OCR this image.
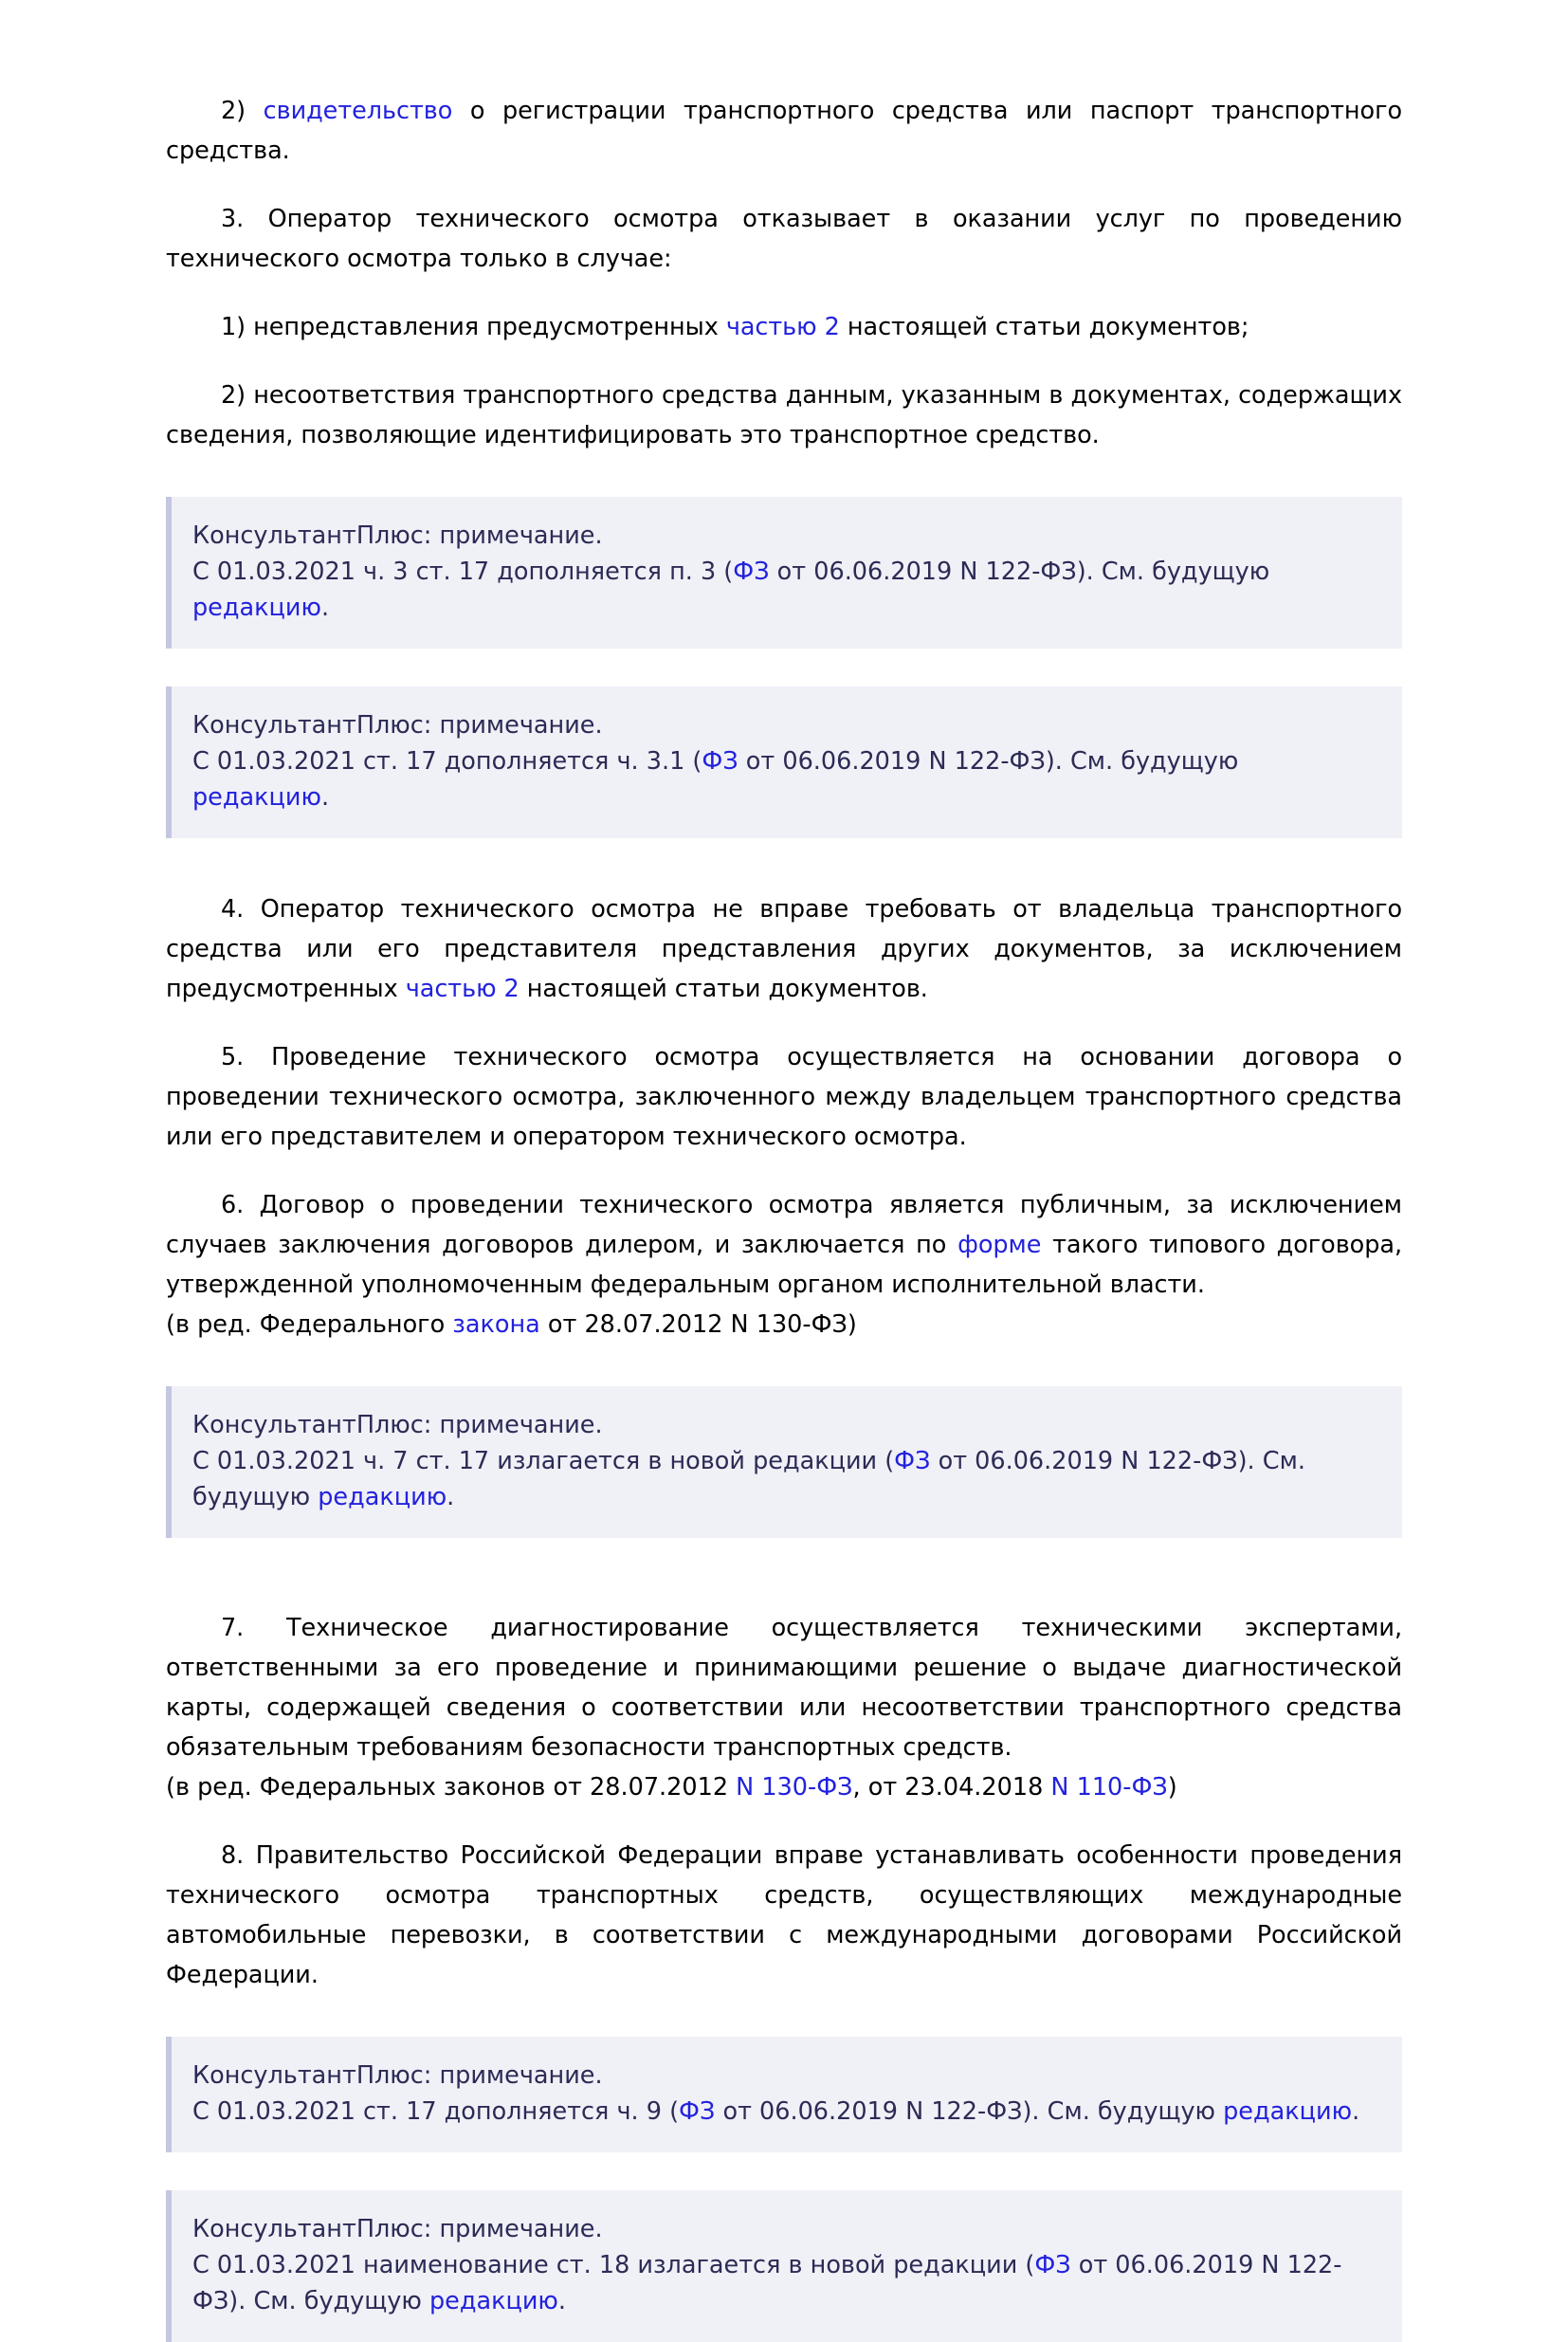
2) свидетельство о регистрации транспортного средства или паспорт транспортного средства.

3. Оператор технического осмотра отказывает в оказании услуг по проведению технического осмотра только в случае:

1) непредставления предусмотренных частью 2 настоящей статьи документов;

2) несоответствия транспортного средства данным, указанным в документах, содержащих сведения, позволяющие идентифицировать это транспортное средство.

КонсультантПлюс: примечание.

С 01.03.2021 ч. 3 ст. 17 дополняется п. 3 (ФЗ от 06.06.2019 N 122-ФЗ). См. будущую редакцию.

КонсультантПлюс: примечание.

С 01.03.2021 ст. 17 дополняется ч. 3.1 (ФЗ от 06.06.2019 N 122-ФЗ). См. будущую редакцию.

4. Оператор технического осмотра не вправе требовать от владельца транспортного средства или его представителя представления других документов, за исключением предусмотренных частью 2 настоящей статьи документов.

5. Проведение технического осмотра осуществляется на основании договора о проведении технического осмотра, заключенного между владельцем транспортного средства или его представителем и оператором технического осмотра.

6. Договор о проведении технического осмотра является публичным, за исключением случаев заключения договоров дилером, и заключается по форме такого типового договора, утвержденной уполномоченным федеральным органом исполнительной власти.

(в ред. Федерального закона от 28.07.2012 N 130-ФЗ)

КонсультантПлюс: примечание.

С 01.03.2021 ч. 7 ст. 17 излагается в новой редакции (ФЗ от 06.06.2019 N 122-ФЗ). См. будущую редакцию.

7. Техническое диагностирование осуществляется техническими экспертами, ответственными за его проведение и принимающими решение о выдаче диагностической карты, содержащей сведения о соответствии или несоответствии транспортного средства обязательным требованиям безопасности транспортных средств.

(в ред. Федеральных законов от 28.07.2012 N 130-ФЗ, от 23.04.2018 N 110-ФЗ)

8. Правительство Российской Федерации вправе устанавливать особенности проведения технического осмотра транспортных средств, осуществляющих международные автомобильные перевозки, в соответствии с международными договорами Российской Федерации.

КонсультантПлюс: примечание.

С 01.03.2021 ст. 17 дополняется ч. 9 (ФЗ от 06.06.2019 N 122-ФЗ). См. будущую редакцию.

КонсультантПлюс: примечание.

С 01.03.2021 наименование ст. 18 излагается в новой редакции (ФЗ от 06.06.2019 N 122-ФЗ). См. будущую редакцию.
